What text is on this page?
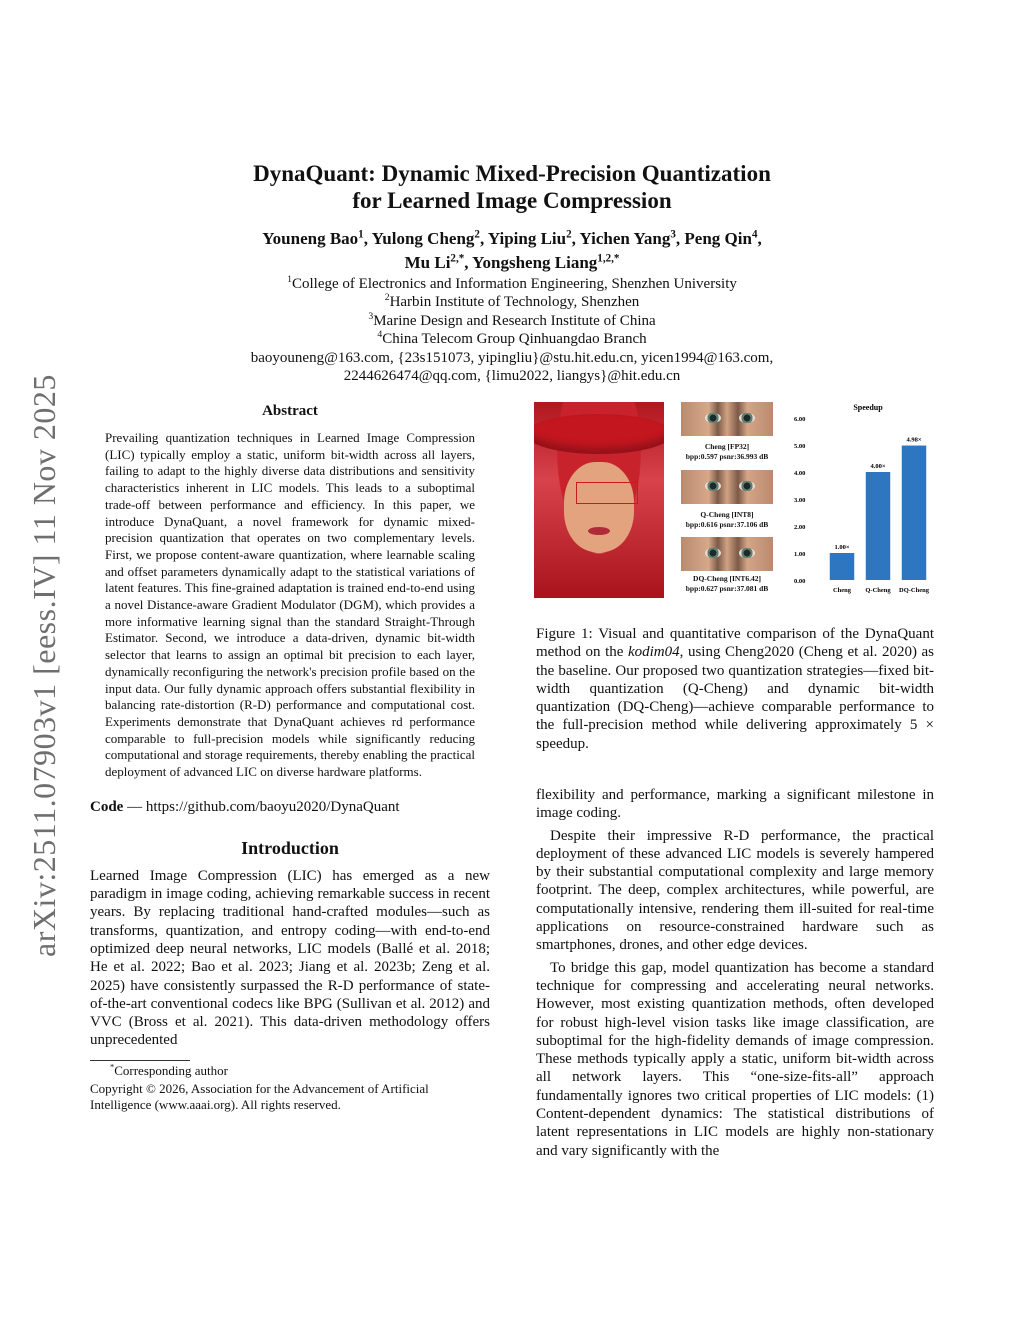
arXiv:2511.07903v1 [eess.IV] 11 Nov 2025
DynaQuant: Dynamic Mixed-Precision Quantization
for Learned Image Compression
Youneng Bao$^1$, Yulong Cheng$^2$, Yiping Liu$^2$, Yichen Yang$^3$, Peng Qin$^4$,
Mu $Li^{2,*}$, Yongsheng Liang$^{1,2,*}$
$^1$College of Electronics and Information Engineering, Shenzhen University
$^2$Harbin Institute of Technology, Shenzhen
$^3$Marine Design and Research Institute of China
$^4$China Telecom Group Qinhuangdao Branch
baoyouneng@163.com, {23s151073, yipingliu}@stu.hit.edu.cn, yicen1994@163.com,
2244626474@qq.com, {limu2022, liangys}@hit.edu.cn
Abstract

Prevailing quantization techniques in Learned Image Compression (LIC) typically employ a static, uniform bit-width across all layers, failing to adapt to the highly diverse data distributions and sensitivity characteristics inherent in LIC models. This leads to a suboptimal trade-off between performance and efficiency. In this paper, we introduce DynaQuant, a novel framework for dynamic mixed-precision quantization that operates on two complementary levels. First, we propose content-aware quantization, where learnable scaling and offset parameters dynamically adapt to the statistical variations of latent features. This fine-grained adaptation is trained end-to-end using a novel Distance-aware Gradient Modulator (DGM), which provides a more informative learning signal than the standard Straight-Through Estimator. Second, we introduce a data-driven, dynamic bit-width selector that learns to assign an optimal bit precision to each layer, dynamically reconfiguring the network's precision profile based on the input data. Our fully dynamic approach offers substantial flexibility in balancing rate-distortion (R-D) performance and computational cost. Experiments demonstrate that DynaQuant achieves rd performance comparable to full-precision models while significantly reducing computational and storage requirements, thereby enabling the practical deployment of advanced LIC on diverse hardware platforms.

Code — https://github.com/baoyu2020/DynaQuant
Introduction

Learned Image Compression (LIC) has emerged as a new paradigm in image coding, achieving remarkable success in recent years. By replacing traditional hand-crafted modules—such as transforms, quantization, and entropy coding—with end-to-end optimized deep neural networks, LIC models (Ballé et al. 2018; He et al. 2022; Bao et al. 2023; Jiang et al. 2023b; Zeng et al. 2025) have consistently surpassed the R-D performance of state-of-the-art conventional codecs like BPG (Sullivan et al. 2012) and VVC (Bross et al. 2021). This data-driven methodology offers unprecedented

*Corresponding author

Copyright © 2026, Association for the Advancement of Artificial Intelligence (www.aaai.org). All rights reserved.

Cheng [FP32]
bpp:0.597 psnr:36.993 dB
Q-Cheng [INT8]
bpp:0.616 psnr:37.106 dB
DQ-Cheng [INT6.42]
bpp:0.627 psnr:37.081 dB
Speedup
0.00
1.00
2.00
3.00
4.00
5.00
6.00
1.00×
Cheng
4.00×
Q-Cheng
4.98×
DQ-Cheng

Figure 1: Visual and quantitative comparison of the DynaQuant method on the kodim04, using Cheng2020 (Cheng et al. 2020) as the baseline. Our proposed two quantization strategies—fixed bit-width quantization (Q-Cheng) and dynamic bit-width quantization (DQ-Cheng)—achieve comparable performance to the full-precision method while delivering approximately 5 × speedup.

flexibility and performance, marking a significant milestone in image coding.

Despite their impressive R-D performance, the practical deployment of these advanced LIC models is severely hampered by their substantial computational complexity and large memory footprint. The deep, complex architectures, while powerful, are computationally intensive, rendering them ill-suited for real-time applications on resource-constrained hardware such as smartphones, drones, and other edge devices.

To bridge this gap, model quantization has become a standard technique for compressing and accelerating neural networks. However, most existing quantization methods, often developed for robust high-level vision tasks like image classification, are suboptimal for the high-fidelity demands of image compression. These methods typically apply a static, uniform bit-width across all network layers. This “one-size-fits-all” approach fundamentally ignores two critical properties of LIC models: (1) Content-dependent dynamics: The statistical distributions of latent representations in LIC models are highly non-stationary and vary significantly with the
